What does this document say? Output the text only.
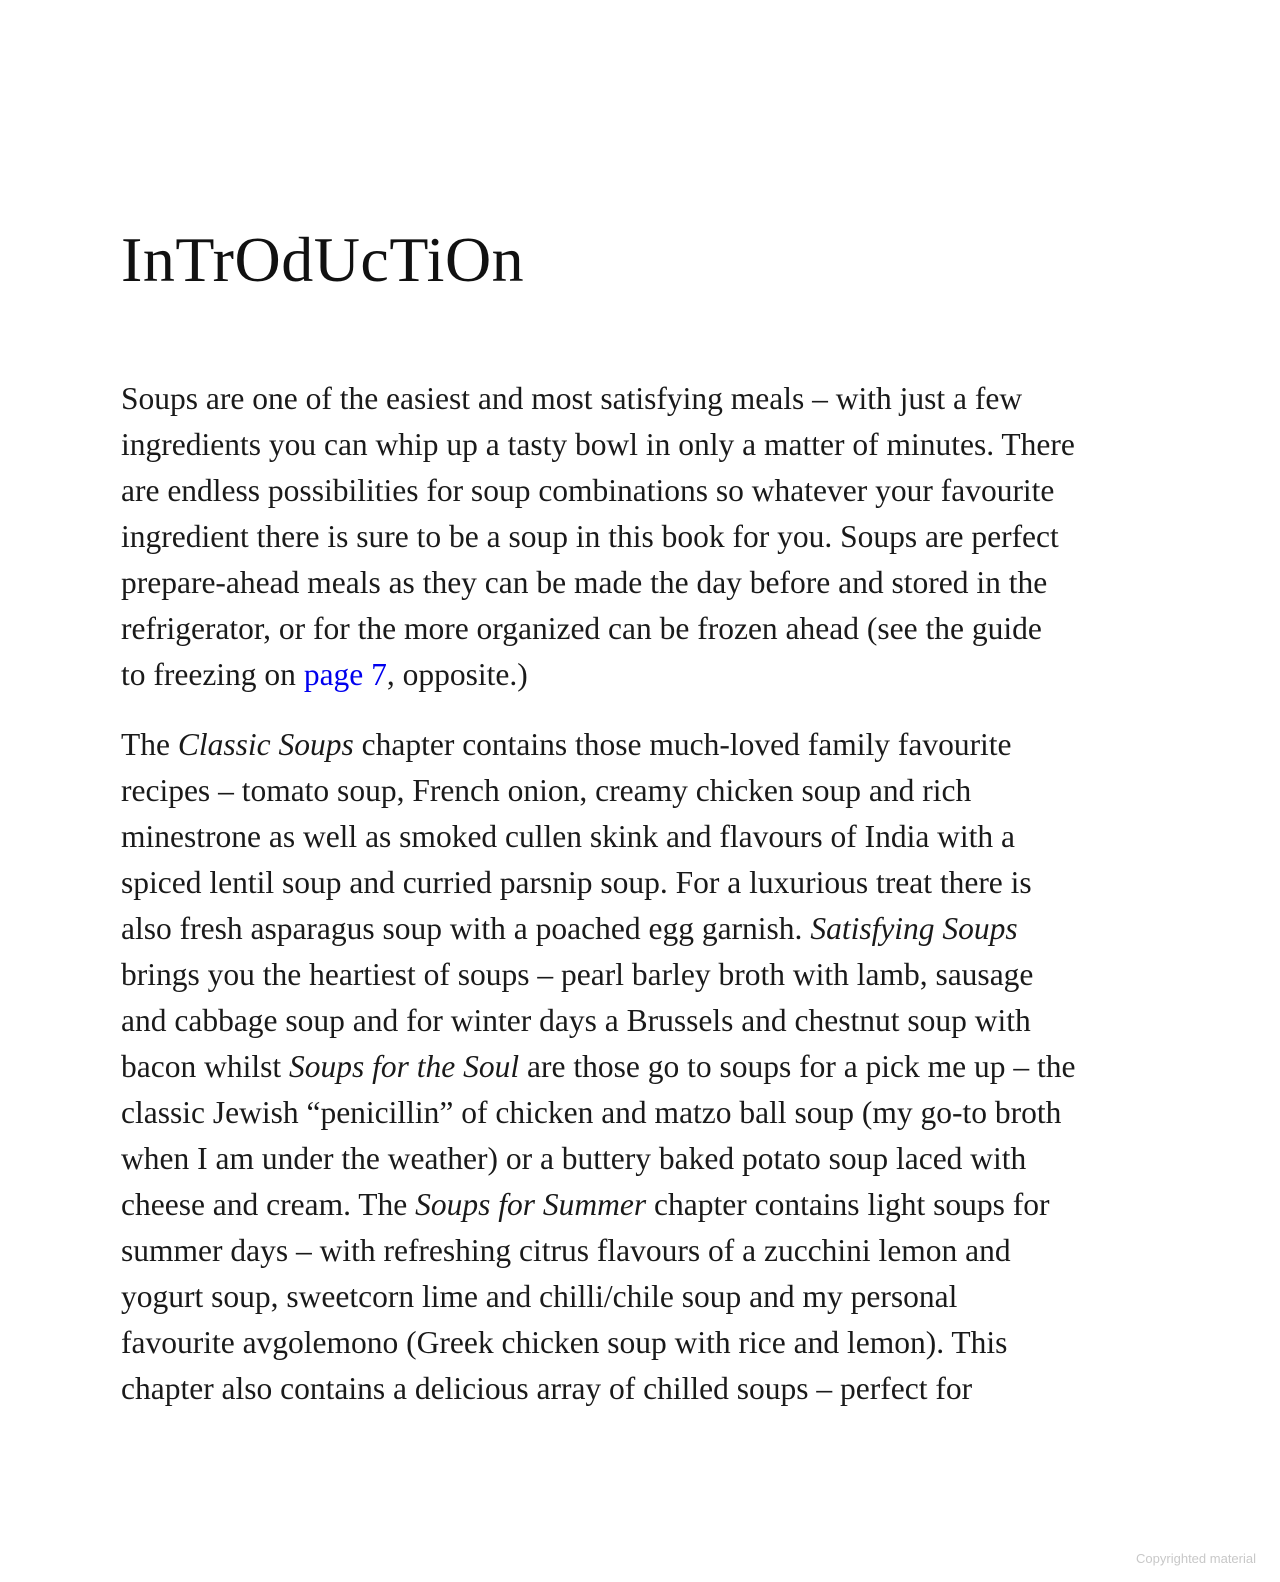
InTrOdUcTiOn

Soups are one of the easiest and most satisfying meals – with just a few
ingredients you can whip up a tasty bowl in only a matter of minutes. There
are endless possibilities for soup combinations so whatever your favourite
ingredient there is sure to be a soup in this book for you. Soups are perfect
prepare-ahead meals as they can be made the day before and stored in the
refrigerator, or for the more organized can be frozen ahead (see the guide
to freezing on page 7, opposite.)

The Classic Soups chapter contains those much-loved family favourite
recipes – tomato soup, French onion, creamy chicken soup and rich
minestrone as well as smoked cullen skink and flavours of India with a
spiced lentil soup and curried parsnip soup. For a luxurious treat there is
also fresh asparagus soup with a poached egg garnish. Satisfying Soups
brings you the heartiest of soups – pearl barley broth with lamb, sausage
and cabbage soup and for winter days a Brussels and chestnut soup with
bacon whilst Soups for the Soul are those go to soups for a pick me up – the
classic Jewish “penicillin” of chicken and matzo ball soup (my go-to broth
when I am under the weather) or a buttery baked potato soup laced with
cheese and cream. The Soups for Summer chapter contains light soups for
summer days – with refreshing citrus flavours of a zucchini lemon and
yogurt soup, sweetcorn lime and chilli/chile soup and my personal
favourite avgolemono (Greek chicken soup with rice and lemon). This
chapter also contains a delicious array of chilled soups – perfect for

Copyrighted material
